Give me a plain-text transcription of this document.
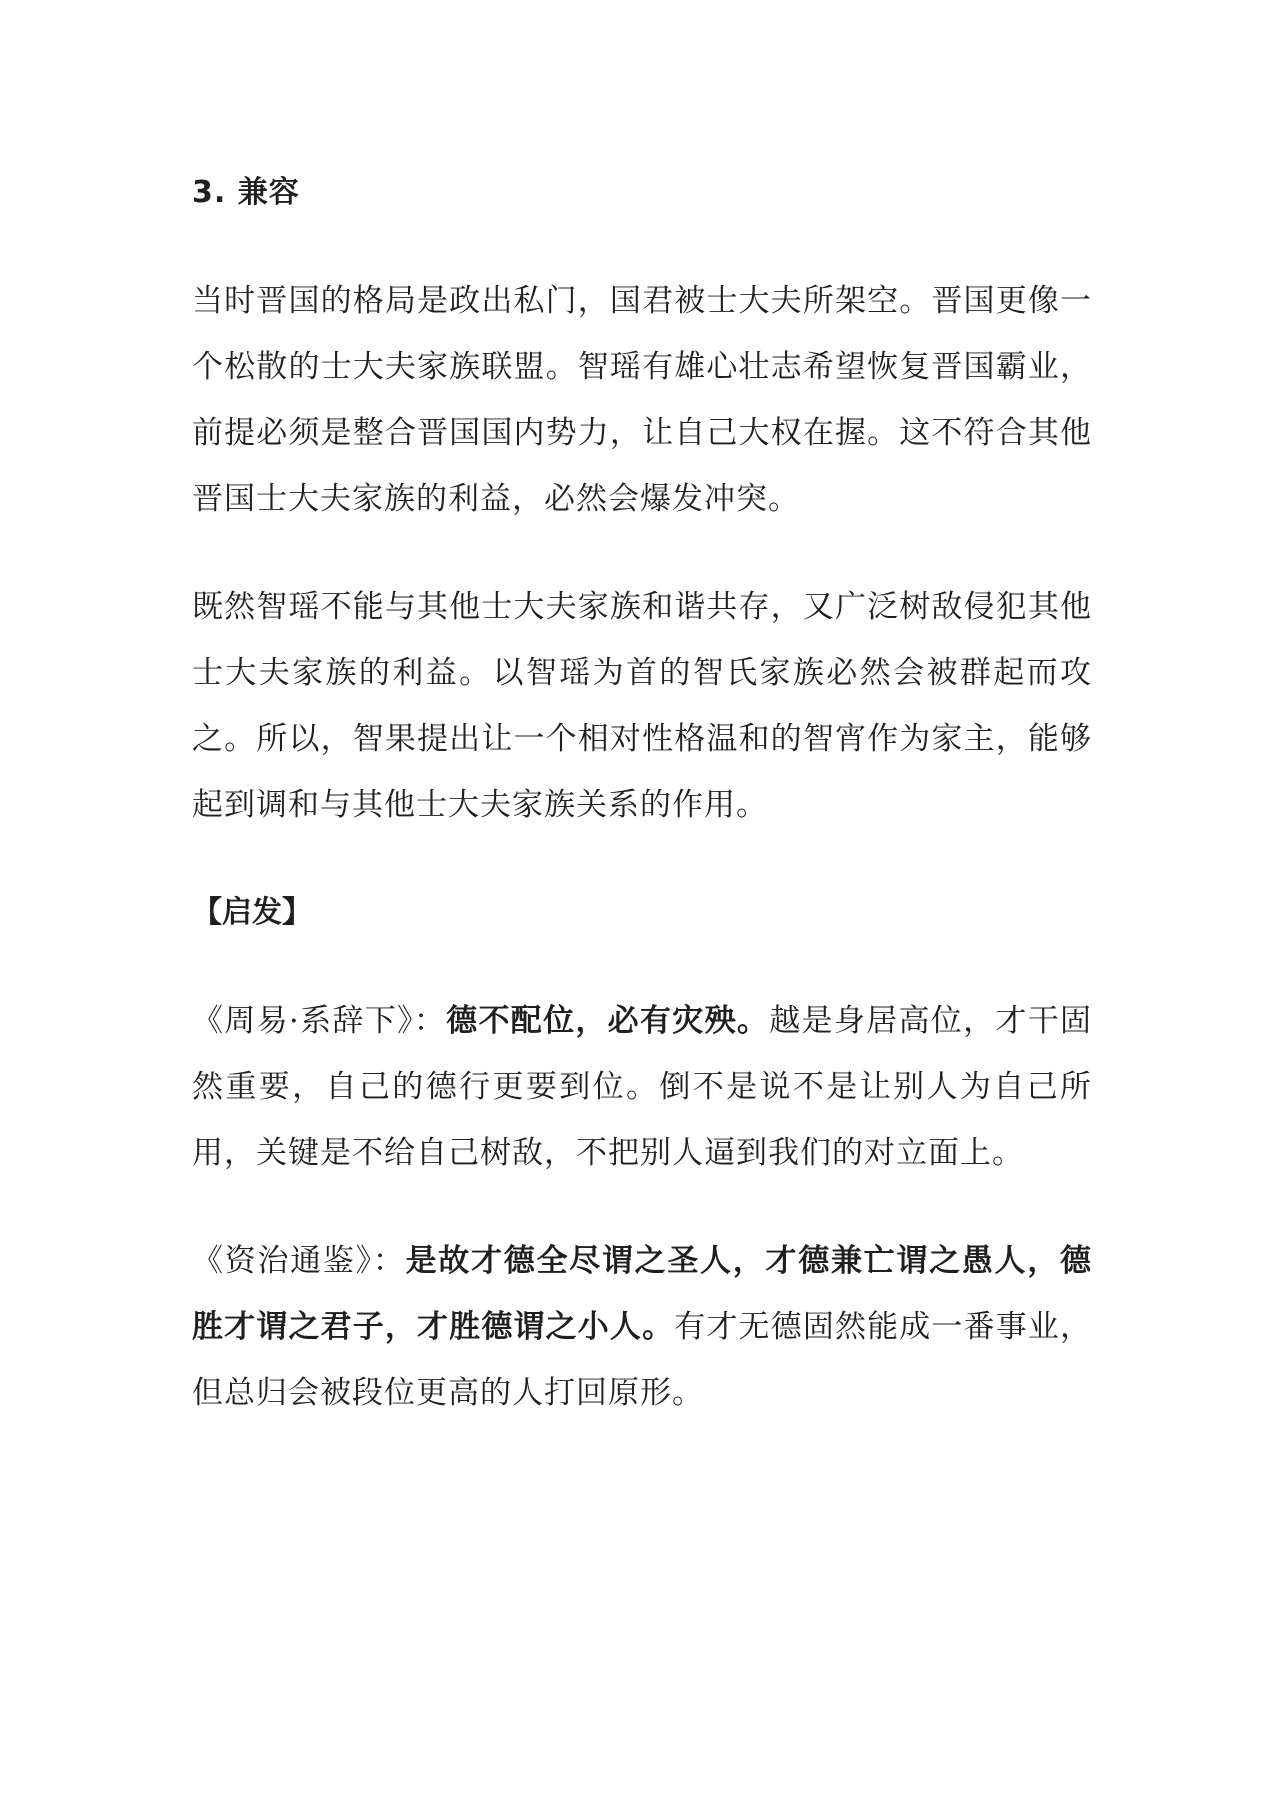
3. 兼容

当时晋国的格局是政出私门，国君被士大夫所架空。晋国更像一个松散的士大夫家族联盟。智瑶有雄心壮志希望恢复晋国霸业，前提必须是整合晋国国内势力，让自己大权在握。这不符合其他晋国士大夫家族的利益，必然会爆发冲突。

既然智瑶不能与其他士大夫家族和谐共存，又广泛树敌侵犯其他士大夫家族的利益。以智瑶为首的智氏家族必然会被群起而攻之。所以，智果提出让一个相对性格温和的智宵作为家主，能够起到调和与其他士大夫家族关系的作用。

【启发】

《周易·系辞下》：德不配位，必有灾殃。越是身居高位，才干固然重要，自己的德行更要到位。倒不是说不是让别人为自己所用，关键是不给自己树敌，不把别人逼到我们的对立面上。

《资治通鉴》：是故才德全尽谓之圣人，才德兼亡谓之愚人，德胜才谓之君子，才胜德谓之小人。有才无德固然能成一番事业，但总归会被段位更高的人打回原形。
